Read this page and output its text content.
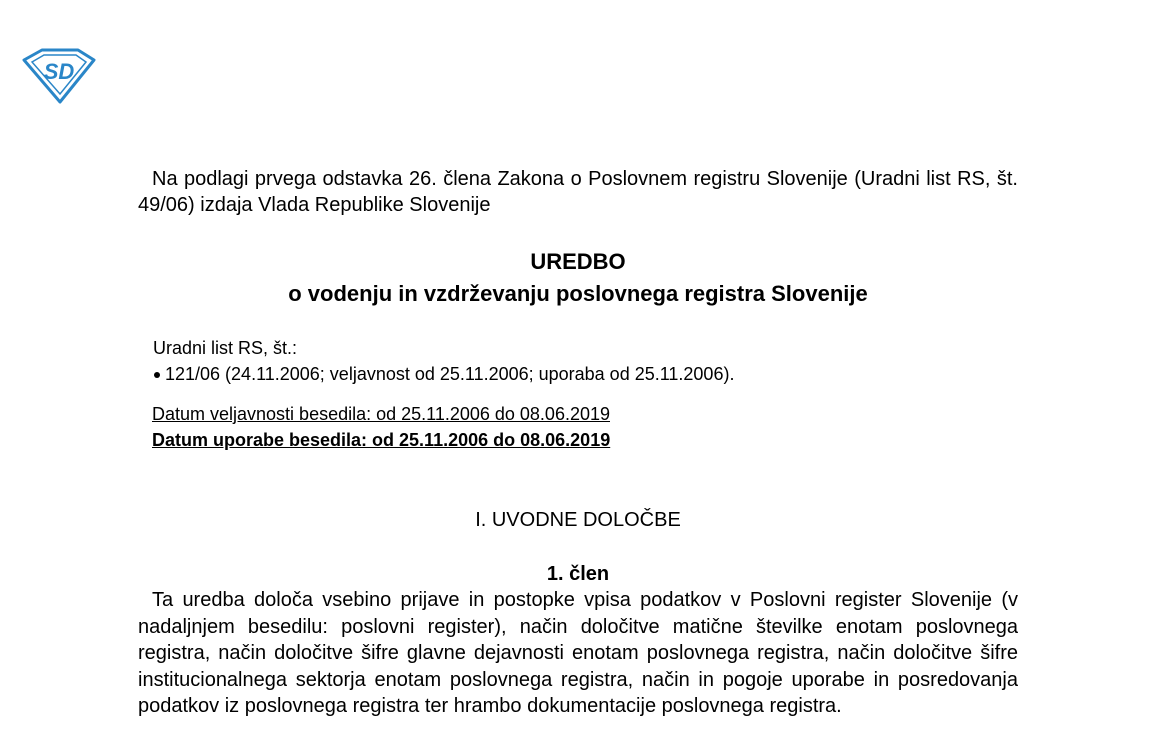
SD

Na podlagi prvega odstavka 26. člena Zakona o Poslovnem registru Slovenije (Uradni list RS, št. 49/06) izdaja Vlada Republike Slovenije

UREDBO

o vodenju in vzdrževanju poslovnega registra Slovenije

Uradni list RS, št.:

121/06 (24.11.2006; veljavnost od 25.11.2006; uporaba od 25.11.2006).

Datum veljavnosti besedila: od 25.11.2006 do 08.06.2019

Datum uporabe besedila: od 25.11.2006 do 08.06.2019

I. UVODNE DOLOČBE

1. člen

Ta uredba določa vsebino prijave in postopke vpisa podatkov v Poslovni register Slovenije (v nadaljnjem besedilu: poslovni register), način določitve matične številke enotam poslovnega registra, način določitve šifre glavne dejavnosti enotam poslovnega registra, način določitve šifre institucionalnega sektorja enotam poslovnega registra, način in pogoje uporabe in posredovanja podatkov iz poslovnega registra ter hrambo dokumentacije poslovnega registra.
